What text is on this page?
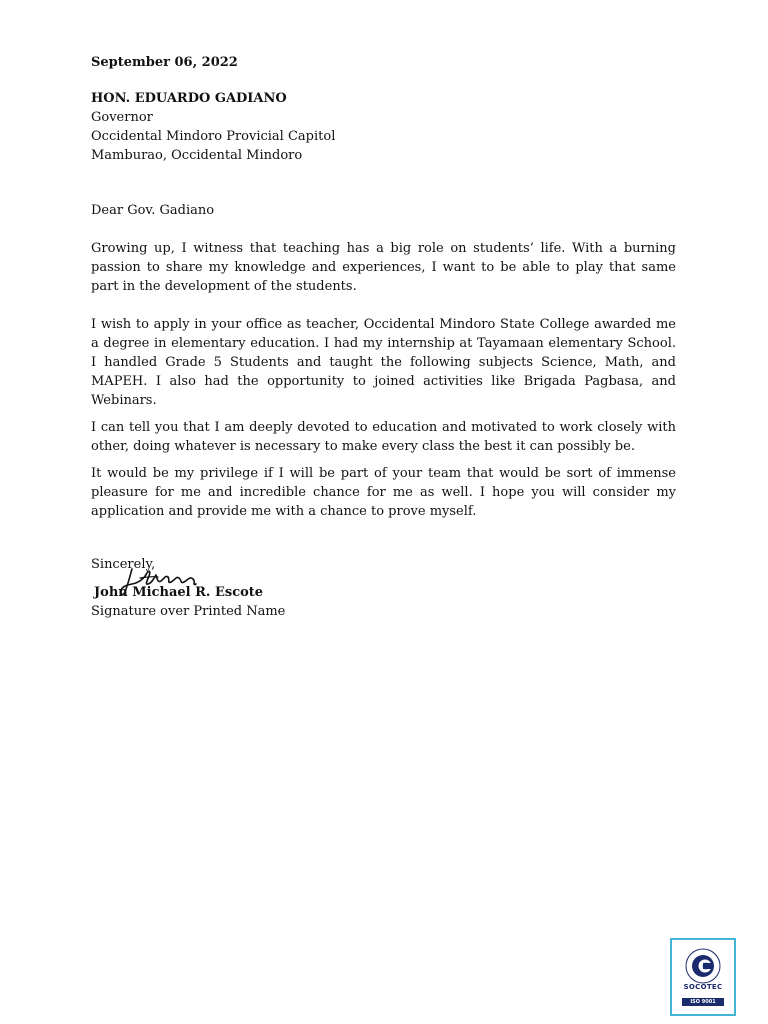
September 06, 2022
HON. EDUARDO GADIANO
Governor
Occidental Mindoro Provicial Capitol
Mamburao, Occidental Mindoro
Dear Gov. Gadiano

Growing up, I witness that teaching has a big role on students’ life. With a burning passion to share my knowledge and experiences, I want to be able to play that same part in the development of the students.

I wish to apply in your office as teacher, Occidental Mindoro State College awarded me a degree in elementary education. I had my internship at Tayamaan elementary School. I handled Grade 5 Students and taught the following subjects Science, Math, and MAPEH. I also had the opportunity to joined activities like Brigada Pagbasa, and Webinars.

I can tell you that I am deeply devoted to education and motivated to work closely with other, doing whatever is necessary to make every class the best it can possibly be.

It would be my privilege if I will be part of your team that would be sort of immense pleasure for me and incredible chance for me as well. I hope you will consider my application and provide me with a chance to prove myself.

Sincerely,
John Michael R. Escote
Signature over Printed Name
SOCOTEC
ISO 9001
